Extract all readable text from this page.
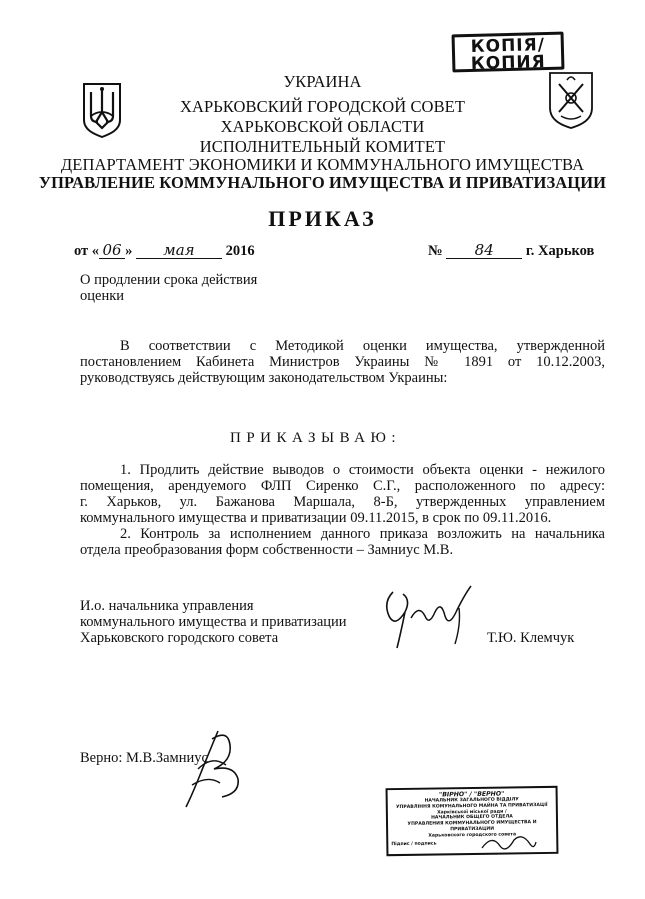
КОПІЯ/
КОПИЯ
УКРАИНА
ХАРЬКОВСКИЙ ГОРОДСКОЙ СОВЕТ
ХАРЬКОВСКОЙ ОБЛАСТИ
ИСПОЛНИТЕЛЬНЫЙ КОМИТЕТ
ДЕПАРТАМЕНТ ЭКОНОМИКИ И КОММУНАЛЬНОГО ИМУЩЕСТВА
УПРАВЛЕНИЕ КОММУНАЛЬНОГО ИМУЩЕСТВА И ПРИВАТИЗАЦИИ
ПРИКАЗ
от « 06 » мая 2016	№ 84 г. Харьков
О продлении срока действия
оценки
В соответствии с Методикой оценки имущества, утвержденной
постановлением Кабинета Министров Украины № 1891 от 10.12.2003,
руководствуясь действующим законодательством Украины:
ПРИКАЗЫВАЮ:
1. Продлить действие выводов о стоимости объекта оценки - нежилого
помещения, арендуемого ФЛП Сиренко С.Г., расположенного по адресу:
г. Харьков, ул. Бажанова Маршала, 8-Б, утвержденных управлением
коммунального имущества и приватизации 09.11.2015, в срок по 09.11.2016.
2. Контроль за исполнением данного приказа возложить на начальника
отдела преобразования форм собственности – Замниус М.В.
И.о. начальника управления
коммунального имущества и приватизации
Харьковского городского совета	Т.Ю. Клемчук
Верно: М.В.Замниус
"ВІРНО" / "ВЕРНО"
НАЧАЛЬНИК ЗАГАЛЬНОГО ВІДДІЛУ
УПРАВЛІННЯ КОМУНАЛЬНОГО МАЙНА ТА ПРИВАТИЗАЦІЇ
Харківської міської ради /
НАЧАЛЬНИК ОБЩЕГО ОТДЕЛА
УПРАВЛЕНИЯ КОММУНАЛЬНОГО ИМУЩЕСТВА И ПРИВАТИЗАЦИИ
Харьковского городского совета
Підпис / подпись
